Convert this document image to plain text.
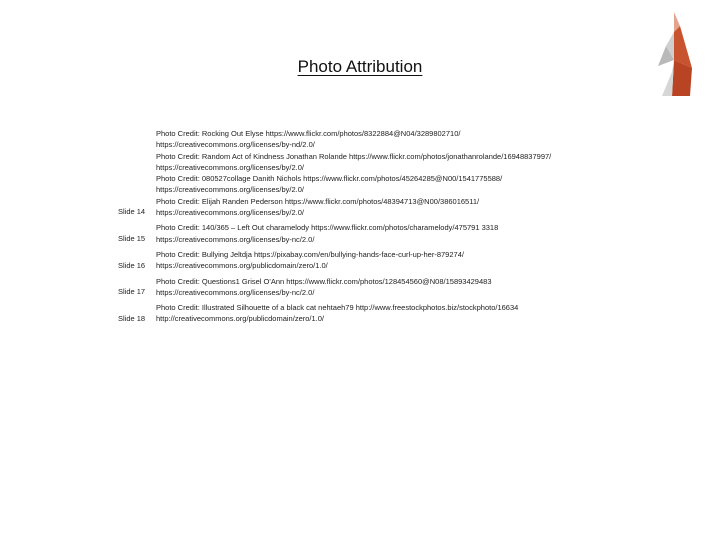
Photo Attribution
Slide 14
Photo Credit: Rocking Out Elyse https://www.flickr.com/photos/8322884@N04/3289802710/
https://creativecommons.org/licenses/by-nd/2.0/
Photo Credit: Random Act of Kindness Jonathan Rolande https://www.flickr.com/photos/jonathanrolande/16948837997/
https://creativecommons.org/licenses/by/2.0/
Photo Credit: 080527collage Danith Nichols https://www.flickr.com/photos/45264285@N00/1541775588/
https://creativecommons.org/licenses/by/2.0/
Photo Credit: Elijah Randen Pederson https://www.flickr.com/photos/48394713@N00/386016511/
https://creativecommons.org/licenses/by/2.0/
Slide 15
Photo Credit: 140/365 – Left Out charamelody https://www.flickr.com/photos/charamelody/475791 3318
https://creativecommons.org/licenses/by-nc/2.0/
Slide 16
Photo Credit: Bullying Jeltdja https://pixabay.com/en/bullying-hands-face-curl-up-her-879274/
https://creativecommons.org/publicdomain/zero/1.0/
Slide 17
Photo Credit: Questions1 Grisel O'Ann https://www.flickr.com/photos/128454560@N08/15893429483
https://creativecommons.org/licenses/by-nc/2.0/
Slide 18
Photo Credit: Illustrated Silhouette of a black cat nehtaeh79 http://www.freestockphotos.biz/stockphoto/16634
http://creativecommons.org/publicdomain/zero/1.0/
